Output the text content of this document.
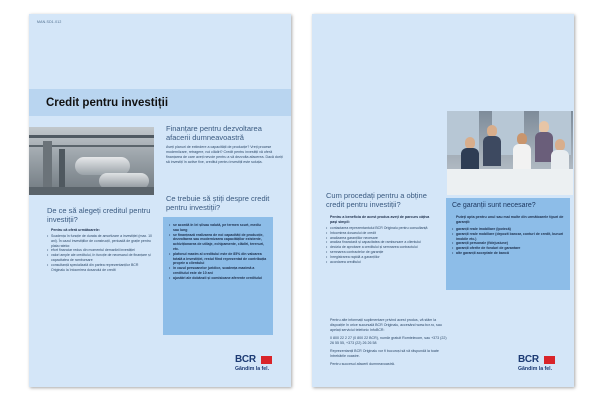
MAN.SD1.012
Credit pentru investiții
Finanțare pentru dezvoltarea afacerii dumneavoastră
Aveți planuri de extindere a capacității de producție? Vreți procese moderniizare, retragere, noi clădiri? Credit pentru investiții vă oferă finanțarea de care aveți nevoie pentru a vă dezvolta afacerea. Dacă doriți să investiți în active fixe, creditul pentru investiții este soluția.
Ce trebuie să știți despre credit pentru investiții?
De ce să alegeți creditul pentru investiții?
Pentru că oferă următoarele:
• Scadența în funcție de durata de amortizare a investiției (max. 10 ani). În cazul investițiilor de construcții, perioadă de grație pentru plata ratelor.
• efort financiar redus din momentul demarării investiției
• valori ample ale creditului, în funcție de necesarul de finanțare și capacitatea de rambursare
• consultanță specializată din partea reprezentanților BCR Originalu la întocmirea dosarului de credit
• se acordă în lei și/sau valută, pe termen scurt, mediu sau lung
• se finanțează realizarea de noi capacități de producție, dezvoltarea sau modernizarea capacităților existente, achiziționarea de utilaje, echipamente, clădiri, terenuri, etc.
• plafonul maxim al creditului este de 85% din valoarea totală a investiției, restul fiind reprezentat de contribuția proprie a clientului
• în cazul persoanelor juridice, scadența maximă a creditului este de 10 ani
• ajustări ale dobânzii și comisioane aferente creditului
BCR
Gândim la fel.
Cum procedați pentru a obține credit pentru investiții?
Pentru a beneficia de acest produs aveți de parcurs câțiva pași simpli:
• contactarea reprezentantului BCR Originalu pentru consultanță
• întocmirea dosarului de credit
• analizarea garanțiilor necesare
• analiza financiară și capacitatea de rambursare a clientului
• decizia de aprobare a creditului și semnarea contractului
• semnarea contractelor de garanție
• înregistrarea rapidă a garanțiilor
• acordarea creditului
Ce garanții sunt necesare?
Puteți opta pentru unul sau mai multe din următoarele tipuri de garanții:
• garanții reale imobiliare (ipotecă)
• garanții reale mobiliare (depozit bancar, conturi de credit, bunuri imobile etc.)
• garanții personale (fidejusiune)
• garanții oferite de fonduri de garantare
• alte garanții acceptate de bancă
Pentru alte informații suplimentare privind acest produs, vă stăm la dispoziție în orice sucursală BCR Originalu, accesând www.bcr.ro, sau apelați serviciul telefonic InfoBCR:
0 800 22 2 27 (0 800 22 BCR), număr gratuit Romtelecom, sau +373 (22) 26 55 55, +373 (22) 26 26 58
Reprezentanții BCR Originalu vor fi bucuroși să vă răspundă la toate întrebările voastre.
Pentru succesul afacerii dumneavoastră.	BCR
Gândim la fel.
